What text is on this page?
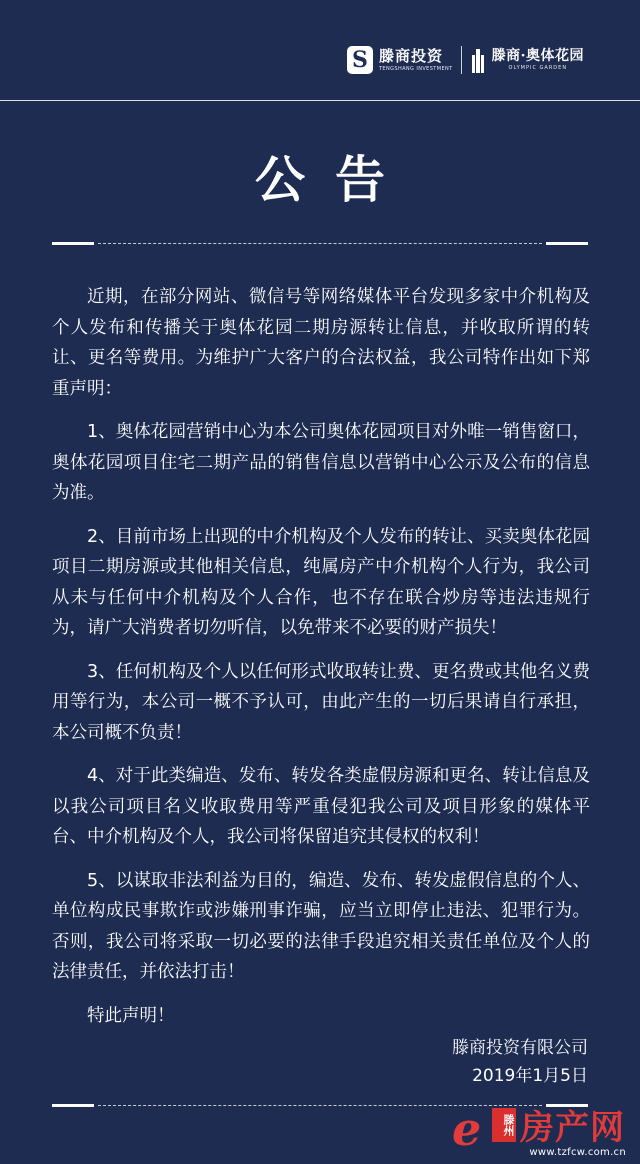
S 滕商投资
TENGSHANG INVESTMENT
滕商·奥体花园
OLYMPIC GARDEN
公告

近期，在部分网站、微信号等网络媒体平台发现多家中介机构及个人发布和传播关于奥体花园二期房源转让信息，并收取所谓的转让、更名等费用。为维护广大客户的合法权益，我公司特作出如下郑重声明：

1、奥体花园营销中心为本公司奥体花园项目对外唯一销售窗口，奥体花园项目住宅二期产品的销售信息以营销中心公示及公布的信息为准。

2、目前市场上出现的中介机构及个人发布的转让、买卖奥体花园项目二期房源或其他相关信息，纯属房产中介机构个人行为，我公司从未与任何中介机构及个人合作，也不存在联合炒房等违法违规行为，请广大消费者切勿听信，以免带来不必要的财产损失！

3、任何机构及个人以任何形式收取转让费、更名费或其他名义费用等行为，本公司一概不予认可，由此产生的一切后果请自行承担，本公司概不负责！

4、对于此类编造、发布、转发各类虚假房源和更名、转让信息及以我公司项目名义收取费用等严重侵犯我公司及项目形象的媒体平台、中介机构及个人，我公司将保留追究其侵权的权利！

5、以谋取非法利益为目的，编造、发布、转发虚假信息的个人、单位构成民事欺诈或涉嫌刑事诈骗，应当立即停止违法、犯罪行为。否则，我公司将采取一切必要的法律手段追究相关责任单位及个人的法律责任，并依法打击！

特此声明！

滕商投资有限公司
2019年1月5日
e	滕州 房产网
www.tzfcw.com.cn
